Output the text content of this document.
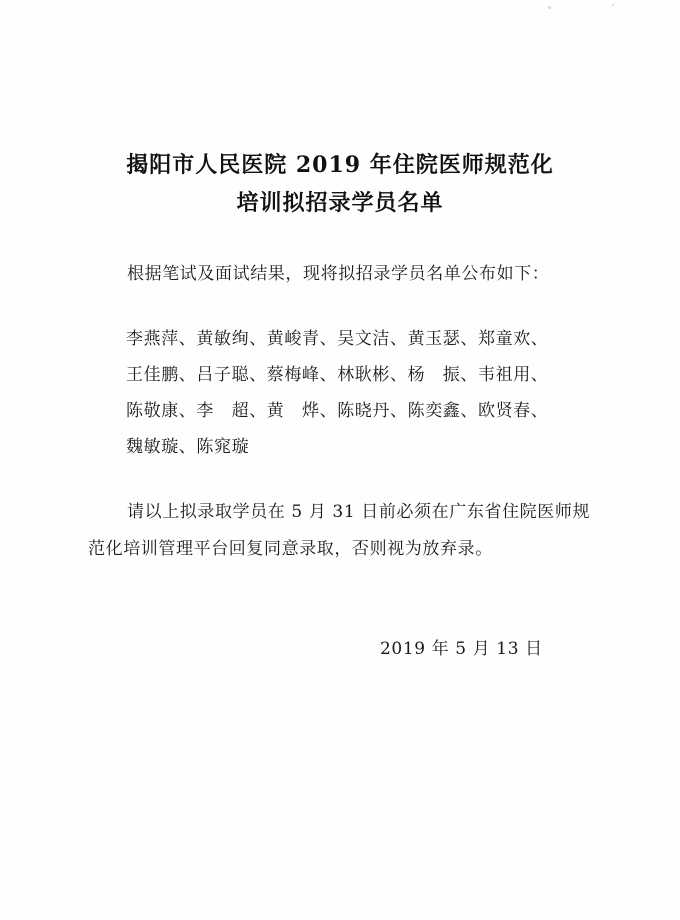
揭阳市人民医院 2019 年住院医师规范化
培训拟招录学员名单
根据笔试及面试结果，现将拟招录学员名单公布如下：
李燕萍、黄敏绚、黄峻青、吴文洁、黄玉瑟、郑童欢、
王佳鹏、吕子聪、蔡梅峰、林耿彬、杨　振、韦祖用、
陈敬康、李　超、黄　烨、陈晓丹、陈奕鑫、欧贤春、
魏敏璇、陈窕璇
请以上拟录取学员在 5 月 31 日前必须在广东省住院医师规
范化培训管理平台回复同意录取，否则视为放弃录。
2019 年 5 月 13 日
